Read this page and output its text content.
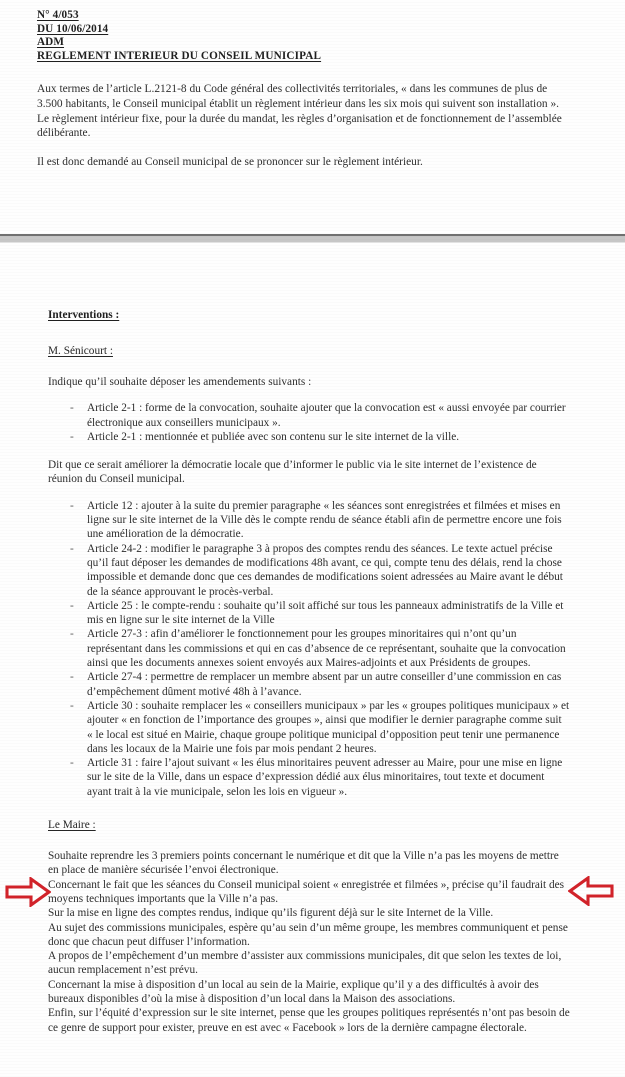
N° 4/053
DU 10/06/2014
ADM
REGLEMENT INTERIEUR DU CONSEIL MUNICIPAL

Aux termes de l’article L.2121-8 du Code général des collectivités territoriales, « dans les communes de plus de 3.500 habitants, le Conseil municipal établit un règlement intérieur dans les six mois qui suivent son installation ».

Le règlement intérieur fixe, pour la durée du mandat, les règles d’organisation et de fonctionnement de l’assemblée délibérante.

Il est donc demandé au Conseil municipal de se prononcer sur le règlement intérieur.

Interventions :
M. Sénicourt :

Indique qu’il souhaite déposer les amendements suivants :

- Article 2-1 : forme de la convocation, souhaite ajouter que la convocation est « aussi envoyée par courrier électronique aux conseillers municipaux ».
- Article 2-1 : mentionnée et publiée avec son contenu sur le site internet de la ville.

Dit que ce serait améliorer la démocratie locale que d’informer le public via le site internet de l’existence de réunion du Conseil municipal.

- Article 12 : ajouter à la suite du premier paragraphe « les séances sont enregistrées et filmées et mises en ligne sur le site internet de la Ville dès le compte rendu de séance établi afin de permettre encore une fois une amélioration de la démocratie.
- Article 24-2 : modifier le paragraphe 3 à propos des comptes rendu des séances. Le texte actuel précise qu’il faut déposer les demandes de modifications 48h avant, ce qui, compte tenu des délais, rend la chose impossible et demande donc que ces demandes de modifications soient adressées au Maire avant le début de la séance approuvant le procès-verbal.
- Article 25 : le compte-rendu : souhaite qu’il soit affiché sur tous les panneaux administratifs de la Ville et mis en ligne sur le site internet de la Ville
- Article 27-3 : afin d’améliorer le fonctionnement pour les groupes minoritaires qui n’ont qu’un représentant dans les commissions et qui en cas d’absence de ce représentant, souhaite que la convocation ainsi que les documents annexes soient envoyés aux Maires-adjoints et aux Présidents de groupes.
- Article 27-4 : permettre de remplacer un membre absent par un autre conseiller d’une commission en cas d’empêchement dûment motivé 48h à l’avance.
- Article 30 : souhaite remplacer les « conseillers municipaux » par les « groupes politiques municipaux » et ajouter « en fonction de l’importance des groupes », ainsi que modifier le dernier paragraphe comme suit « le local est situé en Mairie, chaque groupe politique municipal d’opposition peut tenir une permanence dans les locaux de la Mairie une fois par mois pendant 2 heures.
- Article 31 : faire l’ajout suivant « les élus minoritaires peuvent adresser au Maire, pour une mise en ligne sur le site de la Ville, dans un espace d’expression dédié aux élus minoritaires, tout texte et document ayant trait à la vie municipale, selon les lois en vigueur ».
Le Maire :

Souhaite reprendre les 3 premiers points concernant le numérique et dit que la Ville n’a pas les moyens de mettre en place de manière sécurisée l’envoi électronique.

Concernant le fait que les séances du Conseil municipal soient « enregistrée et filmées », précise qu’il faudrait des moyens techniques importants que la Ville n’a pas.

Sur la mise en ligne des comptes rendus, indique qu’ils figurent déjà sur le site Internet de la Ville.

Au sujet des commissions municipales, espère qu’au sein d’un même groupe, les membres communiquent et pense donc que chacun peut diffuser l’information.

A propos de l’empêchement d’un membre d’assister aux commissions municipales, dit que selon les textes de loi, aucun remplacement n’est prévu.

Concernant la mise à disposition d’un local au sein de la Mairie, explique qu’il y a des difficultés à avoir des bureaux disponibles d’où la mise à disposition d’un local dans la Maison des associations.

Enfin, sur l’équité d’expression sur le site internet, pense que les groupes politiques représentés n’ont pas besoin de ce genre de support pour exister, preuve en est avec « Facebook » lors de la dernière campagne électorale.
